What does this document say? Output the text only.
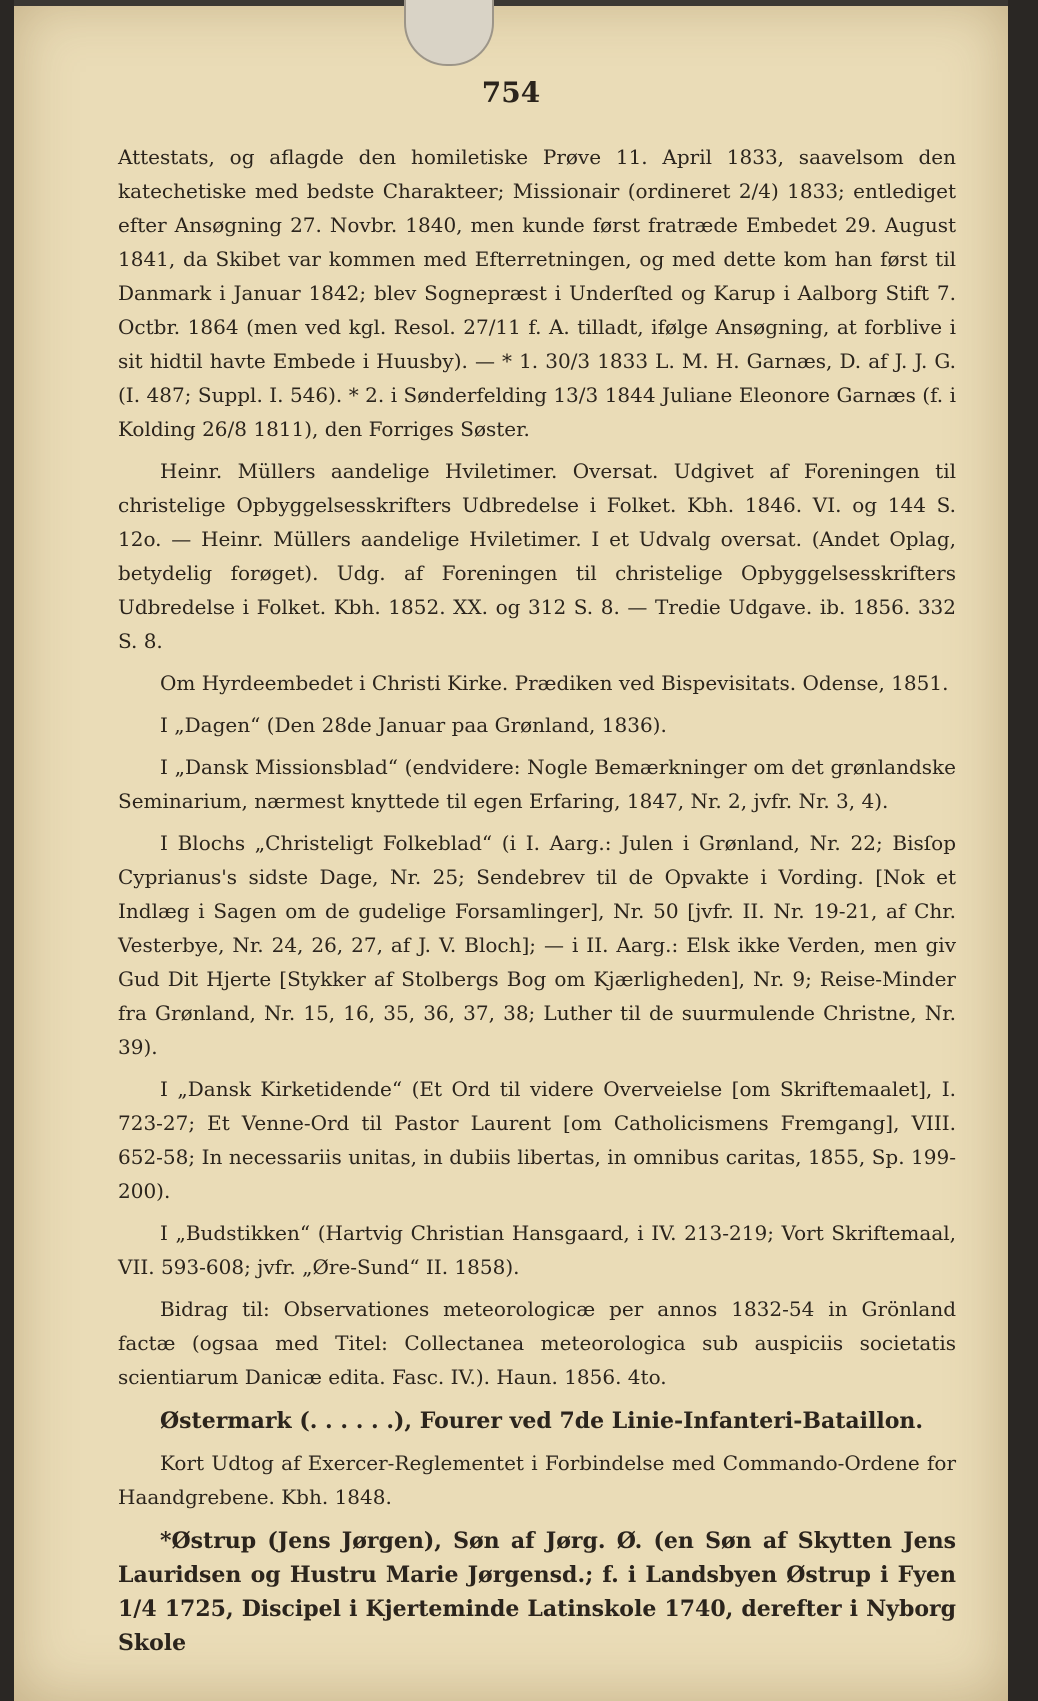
754

Attestats, og aflagde den homiletiske Prøve 11. April 1833, saavelsom den katechetiske med bedste Charakteer; Missionair (ordineret 2/4) 1833; entlediget efter Ansøgning 27. Novbr. 1840, men kunde først fratræde Embedet 29. August 1841, da Skibet var kommen med Efterretningen, og med dette kom han først til Danmark i Januar 1842; blev Sognepræst i Underſted og Karup i Aalborg Stift 7. Octbr. 1864 (men ved kgl. Resol. 27/11 f. A. tilladt, ifølge Ansøgning, at forblive i sit hidtil havte Embede i Huusby). — * 1. 30/3 1833 L. M. H. Garnæs, D. af J. J. G. (I. 487; Suppl. I. 546). * 2. i Sønderfelding 13/3 1844 Juliane Eleonore Garnæs (f. i Kolding 26/8 1811), den Forriges Søster.

Heinr. Müllers aandelige Hviletimer. Oversat. Udgivet af Foreningen til christelige Opbyggelsesskrifters Udbredelse i Folket. Kbh. 1846. VI. og 144 S. 12o. — Heinr. Müllers aandelige Hviletimer. I et Udvalg oversat. (Andet Oplag, betydelig forøget). Udg. af Foreningen til christelige Opbyggelsesskrifters Udbredelse i Folket. Kbh. 1852. XX. og 312 S. 8. — Tredie Udgave. ib. 1856. 332 S. 8.

Om Hyrdeembedet i Christi Kirke. Prædiken ved Bispevisitats. Odense, 1851.

I „Dagen“ (Den 28de Januar paa Grønland, 1836).

I „Dansk Missionsblad“ (endvidere: Nogle Bemærkninger om det grønlandske Seminarium, nærmest knyttede til egen Erfaring, 1847, Nr. 2, jvfr. Nr. 3, 4).

I Blochs „Christeligt Folkeblad“ (i I. Aarg.: Julen i Grønland, Nr. 22; Bisſop Cyprianus's sidste Dage, Nr. 25; Sendebrev til de Opvakte i Vording. [Nok et Indlæg i Sagen om de gudelige Forsamlinger], Nr. 50 [jvfr. II. Nr. 19-21, af Chr. Vesterbye, Nr. 24, 26, 27, af J. V. Bloch]; — i II. Aarg.: Elsk ikke Verden, men giv Gud Dit Hjerte [Stykker af Stolbergs Bog om Kjærligheden], Nr. 9; Reise-Minder fra Grønland, Nr. 15, 16, 35, 36, 37, 38; Luther til de suurmulende Christne, Nr. 39).

I „Dansk Kirketidende“ (Et Ord til videre Overveielse [om Skriftemaalet], I. 723-27; Et Venne-Ord til Pastor Laurent [om Catholicismens Fremgang], VIII. 652-58; In necessariis unitas, in dubiis libertas, in omnibus caritas, 1855, Sp. 199-200).

I „Budstikken“ (Hartvig Christian Hansgaard, i IV. 213-219; Vort Skriftemaal, VII. 593-608; jvfr. „Øre-Sund“ II. 1858).

Bidrag til: Observationes meteorologicæ per annos 1832-54 in Grönland factæ (ogsaa med Titel: Collectanea meteorologica sub auspiciis societatis scientiarum Danicæ edita. Fasc. IV.). Haun. 1856. 4to.

Østermark (. . . . . .), Fourer ved 7de Linie-Infanteri-Bataillon.

Kort Udtog af Exercer-Reglementet i Forbindelse med Commando-Ordene for Haandgrebene. Kbh. 1848.

*Østrup (Jens Jørgen), Søn af Jørg. Ø. (en Søn af Skytten Jens Lauridsen og Hustru Marie Jørgensd.; f. i Landsbyen Østrup i Fyen 1/4 1725, Discipel i Kjerteminde Latinskole 1740, derefter i Nyborg Skole
